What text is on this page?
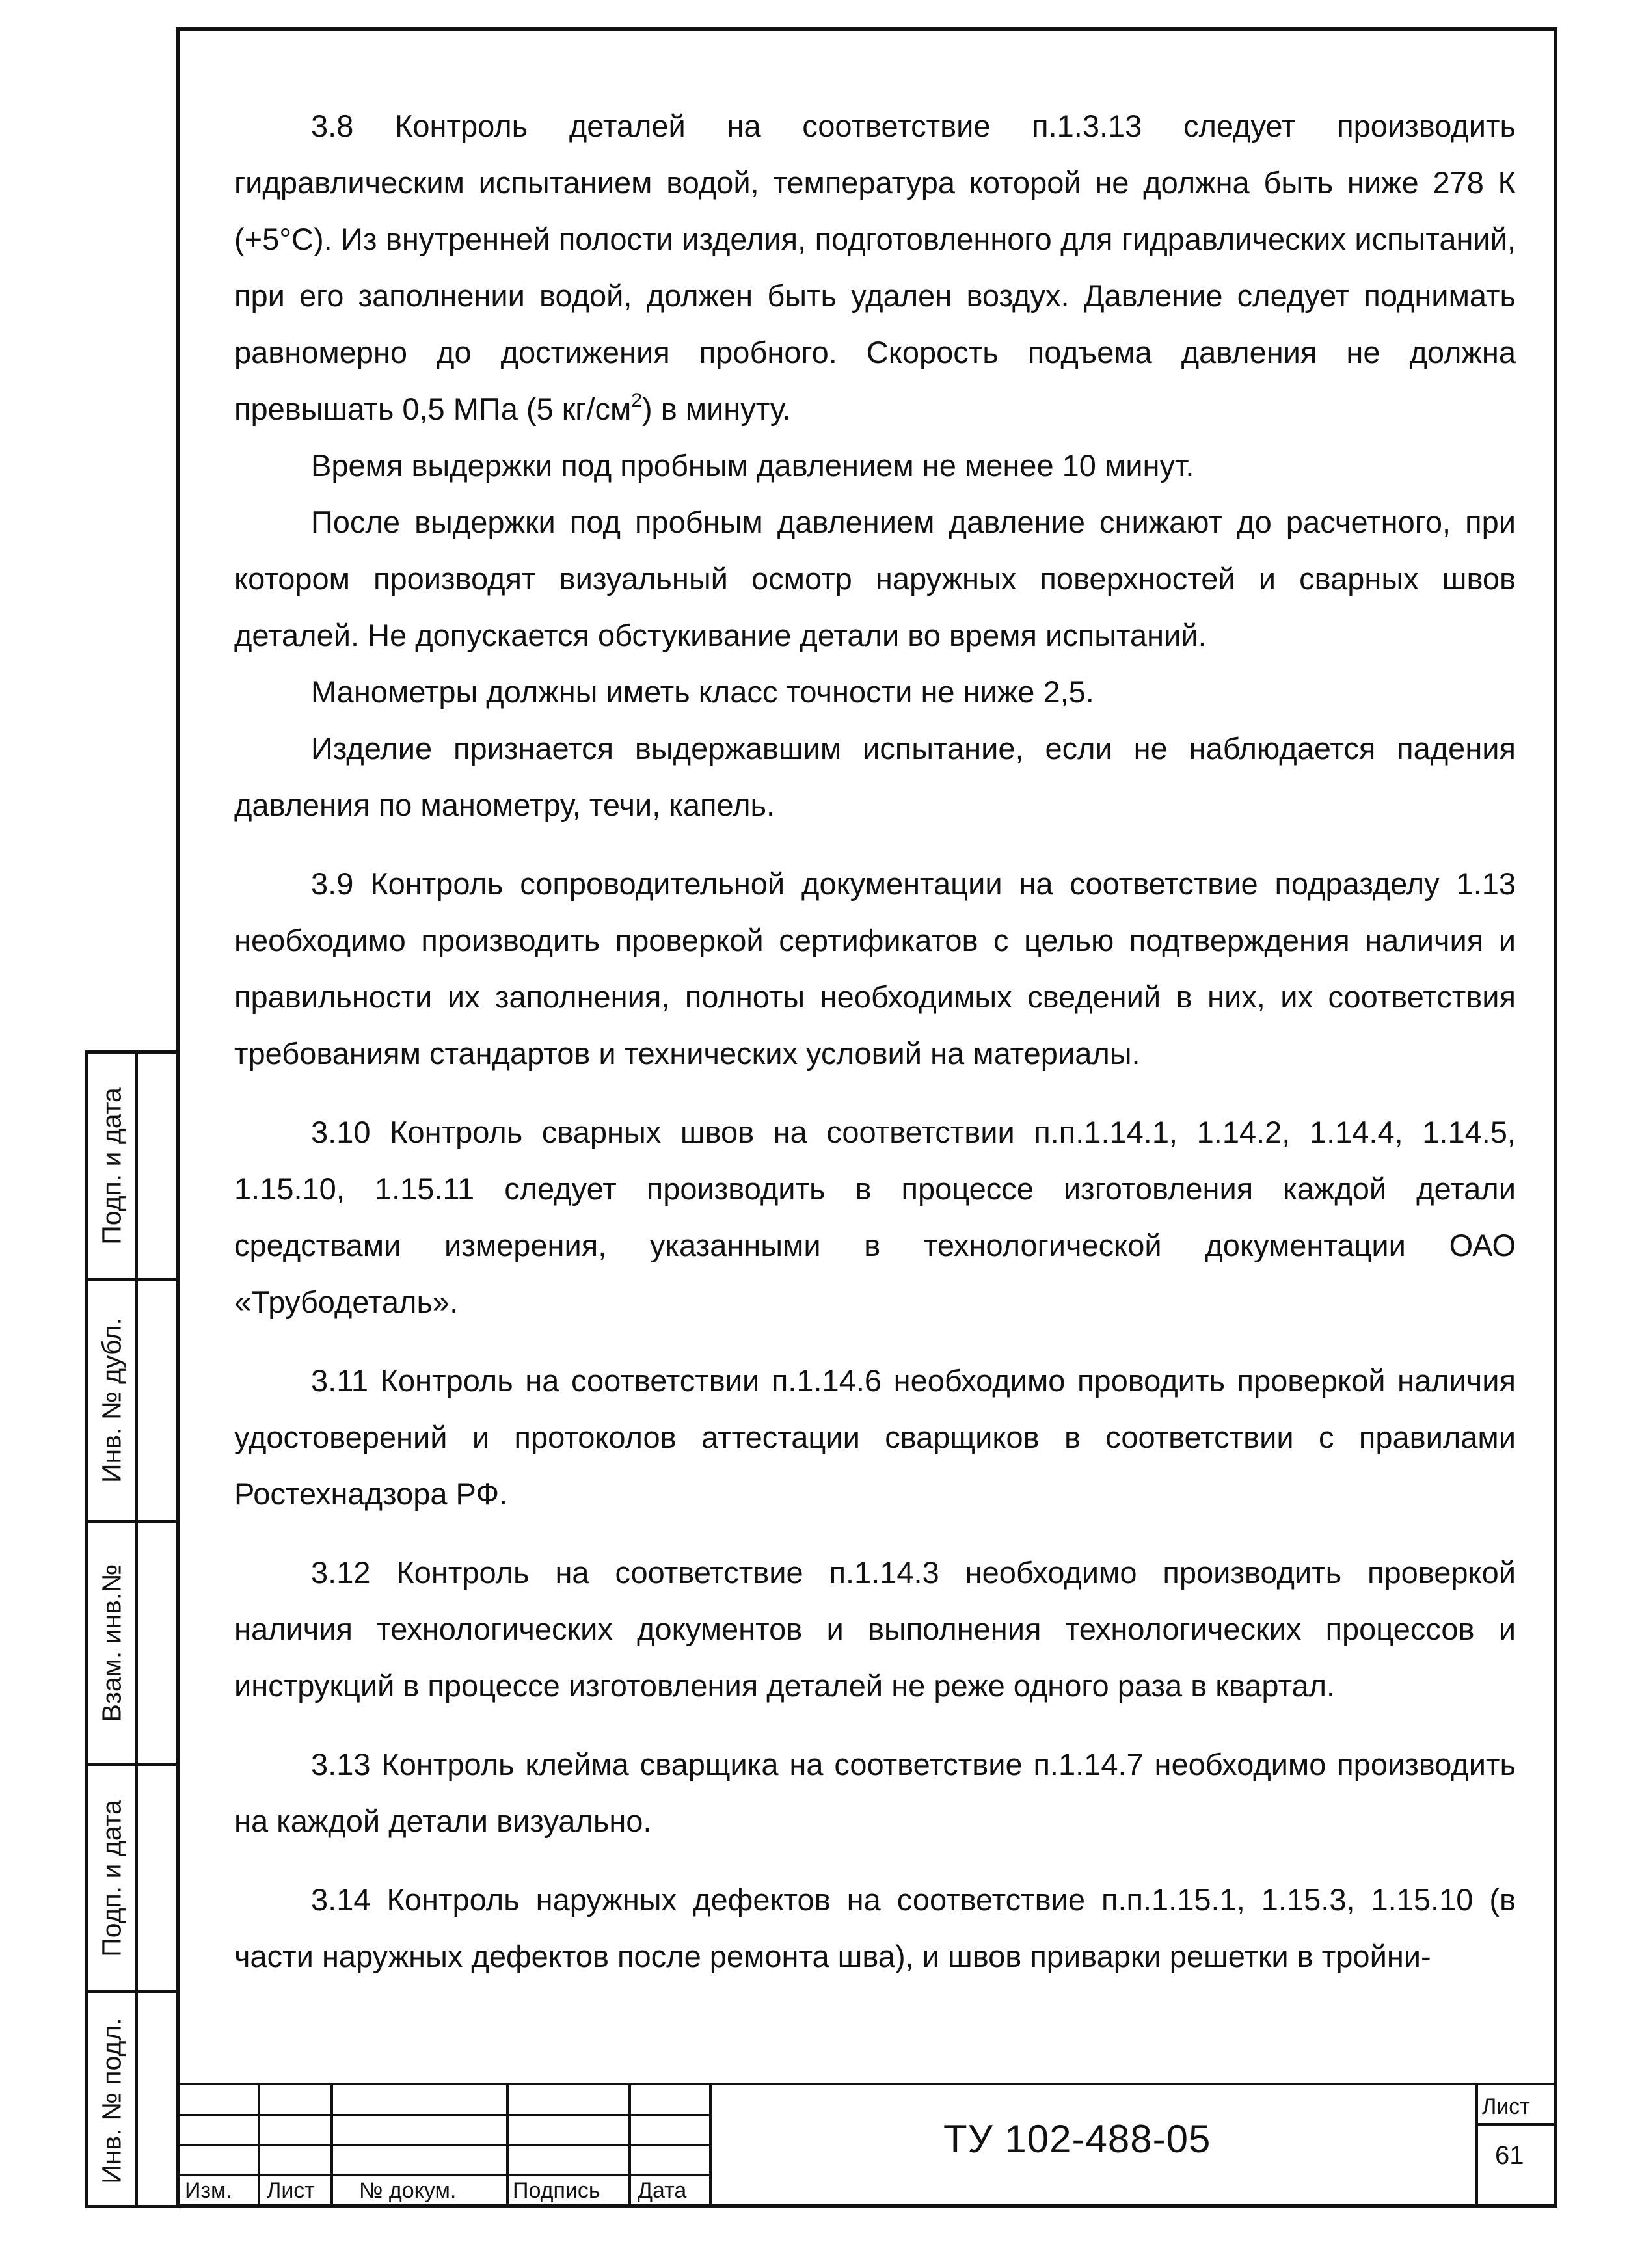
Подп. и дата
Инв. № дубл.
Взам. инв.№
Подп. и дата
Инв. № подл.

3.8 Контроль деталей на соответствие п.1.3.13 следует производить гидравлическим испытанием водой, температура которой не должна быть ниже 278 К (+5°С). Из внутренней полости изделия, подготовленного для гидравлических испытаний, при его заполнении водой, должен быть удален воздух. Давление следует поднимать равномерно до достижения пробного. Скорость подъема давления не должна превышать 0,5 МПа (5 $кг/см^2$) в минуту.

Время выдержки под пробным давлением не менее 10 минут.

После выдержки под пробным давлением давление снижают до расчетного, при котором производят визуальный осмотр наружных поверхностей и сварных швов деталей. Не допускается обстукивание детали во время испытаний.

Манометры должны иметь класс точности не ниже 2,5.

Изделие признается выдержавшим испытание, если не наблюдается падения давления по манометру, течи, капель.

3.9 Контроль сопроводительной документации на соответствие подразделу 1.13 необходимо производить проверкой сертификатов с целью подтверждения наличия и правильности их заполнения, полноты необходимых сведений в них, их соответствия требованиям стандартов и технических условий на материалы.

3.10 Контроль сварных швов на соответствии п.п.1.14.1, 1.14.2, 1.14.4, 1.14.5, 1.15.10, 1.15.11 следует производить в процессе изготовления каждой детали средствами измерения, указанными в технологической документации ОАО «Трубодеталь».

3.11 Контроль на соответствии п.1.14.6 необходимо проводить проверкой наличия удостоверений и протоколов аттестации сварщиков в соответствии с правилами Ростехнадзора РФ.

3.12 Контроль на соответствие п.1.14.3 необходимо производить проверкой наличия технологических документов и выполнения технологических процессов и инструкций в процессе изготовления деталей не реже одного раза в квартал.

3.13 Контроль клейма сварщика на соответствие п.1.14.7 необходимо производить на каждой детали визуально.

3.14 Контроль наружных дефектов на соответствие п.п.1.15.1, 1.15.3, 1.15.10 (в части наружных дефектов после ремонта шва), и швов приварки решетки в тройни-

Изм. Лист № докум.	Подпись Дата
ТУ 102-488-05
Лист
61
